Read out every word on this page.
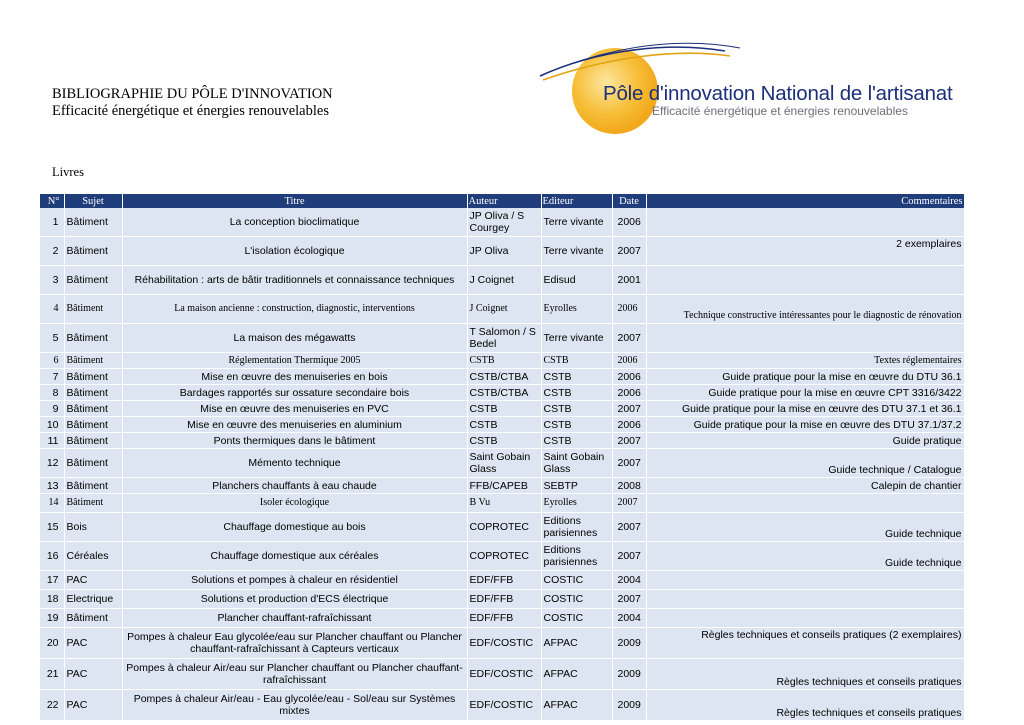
BIBLIOGRAPHIE DU PÔLE D'INNOVATION
Efficacité énergétique et énergies renouvelables
Pôle d'innovation National de l'artisanat
Efficacité énergétique et énergies renouvelables
Livres
N°	Sujet	Titre	Auteur	Editeur	Date	Commentaires
1	Bâtiment	La conception bioclimatique	JP Oliva / S Courgey	Terre vivante	2006	
2	Bâtiment	L'isolation écologique	JP Oliva	Terre vivante	2007	2 exemplaires
3	Bâtiment	Réhabilitation : arts de bâtir traditionnels et connaissance techniques	J Coignet	Edisud	2001	
4	Bâtiment	La maison ancienne : construction, diagnostic, interventions	J Coignet	Eyrolles	2006	Technique constructive intéressantes pour le diagnostic de rénovation
5	Bâtiment	La maison des mégawatts	T Salomon / S Bedel	Terre vivante	2007	
6	Bâtiment	Réglementation Thermique 2005	CSTB	CSTB	2006	Textes réglementaires
7	Bâtiment	Mise en œuvre des menuiseries en bois	CSTB/CTBA	CSTB	2006	Guide pratique pour la mise en œuvre du DTU 36.1
8	Bâtiment	Bardages rapportés sur ossature secondaire bois	CSTB/CTBA	CSTB	2006	Guide pratique pour la mise en œuvre CPT 3316/3422
9	Bâtiment	Mise en œuvre des menuiseries en PVC	CSTB	CSTB	2007	Guide pratique pour la mise en œuvre des DTU 37.1 et 36.1
10	Bâtiment	Mise en œuvre des menuiseries en aluminium	CSTB	CSTB	2006	Guide pratique pour la mise en œuvre des DTU 37.1/37.2
11	Bâtiment	Ponts thermiques dans le bâtiment	CSTB	CSTB	2007	Guide pratique
12	Bâtiment	Mémento technique	Saint Gobain Glass	Saint Gobain Glass	2007	Guide technique / Catalogue
13	Bâtiment	Planchers chauffants à eau chaude	FFB/CAPEB	SEBTP	2008	Calepin de chantier
14	Bâtiment	Isoler écologique	B Vu	Eyrolles	2007	
15	Bois	Chauffage domestique au bois	COPROTEC	Editions parisiennes	2007	Guide technique
16	Céréales	Chauffage domestique aux céréales	COPROTEC	Editions parisiennes	2007	Guide technique
17	PAC	Solutions et pompes à chaleur en résidentiel	EDF/FFB	COSTIC	2004	
18	Electrique	Solutions et production d'ECS électrique	EDF/FFB	COSTIC	2007	
19	Bâtiment	Plancher chauffant-rafraîchissant	EDF/FFB	COSTIC	2004	
20	PAC	Pompes à chaleur Eau glycolée/eau sur Plancher chauffant ou Plancher chauffant-rafraîchissant à Capteurs verticaux	EDF/COSTIC	AFPAC	2009	Règles techniques et conseils pratiques (2 exemplaires)
21	PAC	Pompes à chaleur Air/eau sur Plancher chauffant ou Plancher chauffant-rafraîchissant	EDF/COSTIC	AFPAC	2009	Règles techniques et conseils pratiques
22	PAC	Pompes à chaleur Air/eau - Eau glycolée/eau - Sol/eau sur Systèmes mixtes	EDF/COSTIC	AFPAC	2009	Règles techniques et conseils pratiques
